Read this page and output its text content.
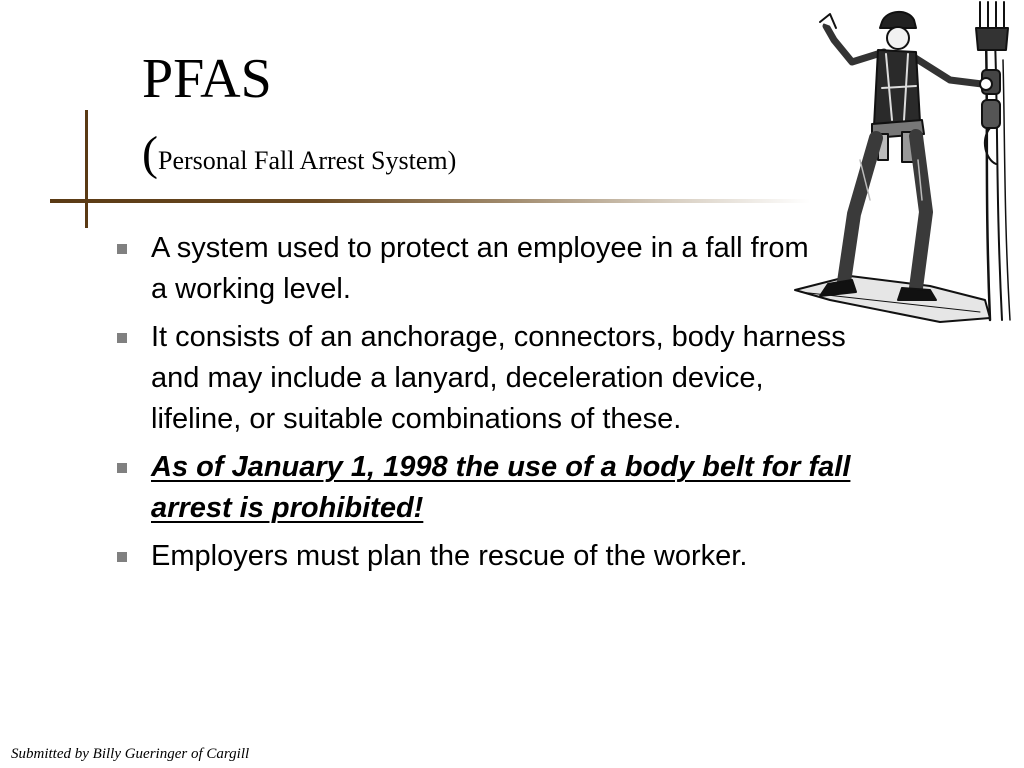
PFAS

(Personal Fall Arrest System)

A system used to protect an employee in a fall from a working level.
It consists of an anchorage, connectors, body harness and may include a lanyard, deceleration device, lifeline, or suitable combinations of these.
As of January 1, 1998 the use of a body belt for fall arrest is prohibited!
Employers must plan the rescue of the worker.

Submitted by Billy Gueringer of Cargill
